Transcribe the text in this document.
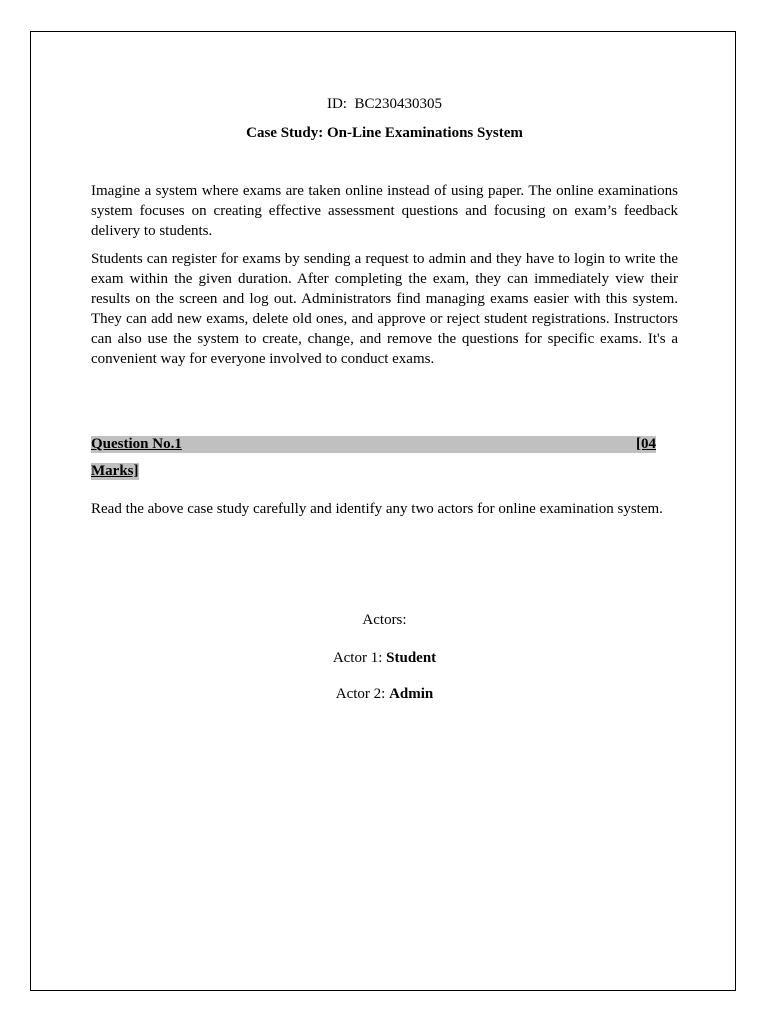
ID: BC230430305
Case Study: On-Line Examinations System

Imagine a system where exams are taken online instead of using paper. The online examinations system focuses on creating effective assessment questions and focusing on exam’s feedback delivery to students.

Students can register for exams by sending a request to admin and they have to login to write the exam within the given duration. After completing the exam, they can immediately view their results on the screen and log out. Administrators find managing exams easier with this system. They can add new exams, delete old ones, and approve or reject student registrations. Instructors can also use the system to create, change, and remove the questions for specific exams. It's a convenient way for everyone involved to conduct exams.

Question No.1	[04
Marks]
Read the above case study carefully and identify any two actors for online examination system.
Actors:
Actor 1: Student
Actor 2: Admin
